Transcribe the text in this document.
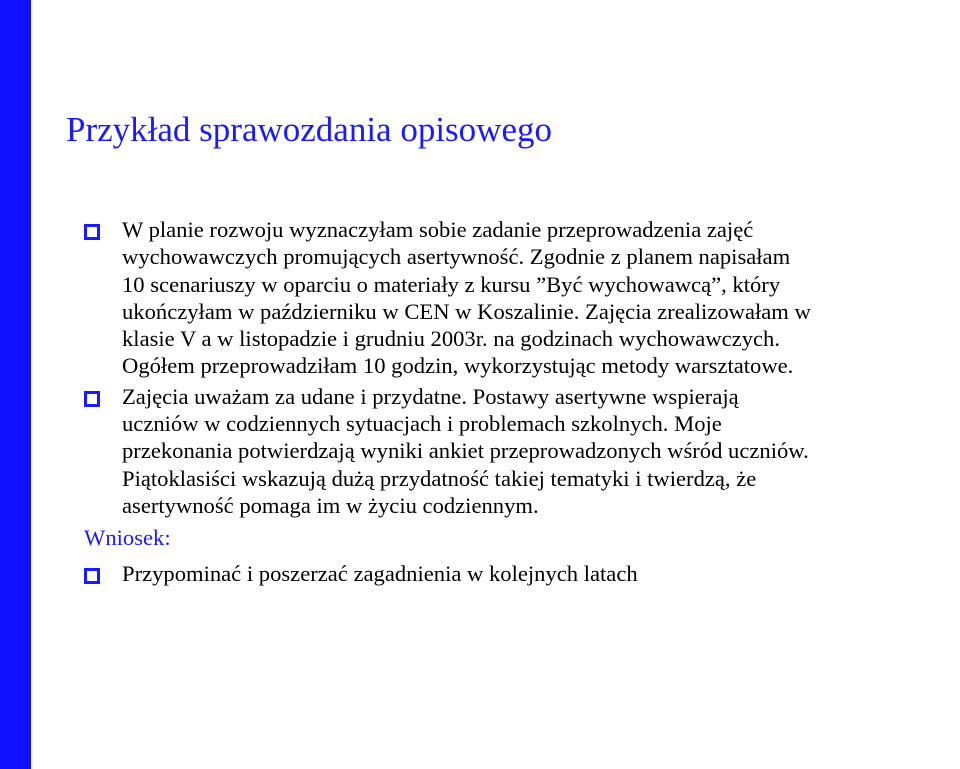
Przykład sprawozdania opisowego
W planie rozwoju wyznaczyłam sobie zadanie przeprowadzenia zajęć
wychowawczych promujących asertywność. Zgodnie z planem napisałam
10 scenariuszy w oparciu o materiały z kursu ”Być wychowawcą”, który
ukończyłam w październiku w CEN w Koszalinie. Zajęcia zrealizowałam w
klasie V a w listopadzie i grudniu 2003r. na godzinach wychowawczych.
Ogółem przeprowadziłam 10 godzin, wykorzystując metody warsztatowe.
Zajęcia uważam za udane i przydatne. Postawy asertywne wspierają
uczniów w codziennych sytuacjach i problemach szkolnych. Moje
przekonania potwierdzają wyniki ankiet przeprowadzonych wśród uczniów.
Piątoklasiści wskazują dużą przydatność takiej tematyki i twierdzą, że
asertywność pomaga im w życiu codziennym.
Wniosek:
Przypominać i poszerzać zagadnienia w kolejnych latach
